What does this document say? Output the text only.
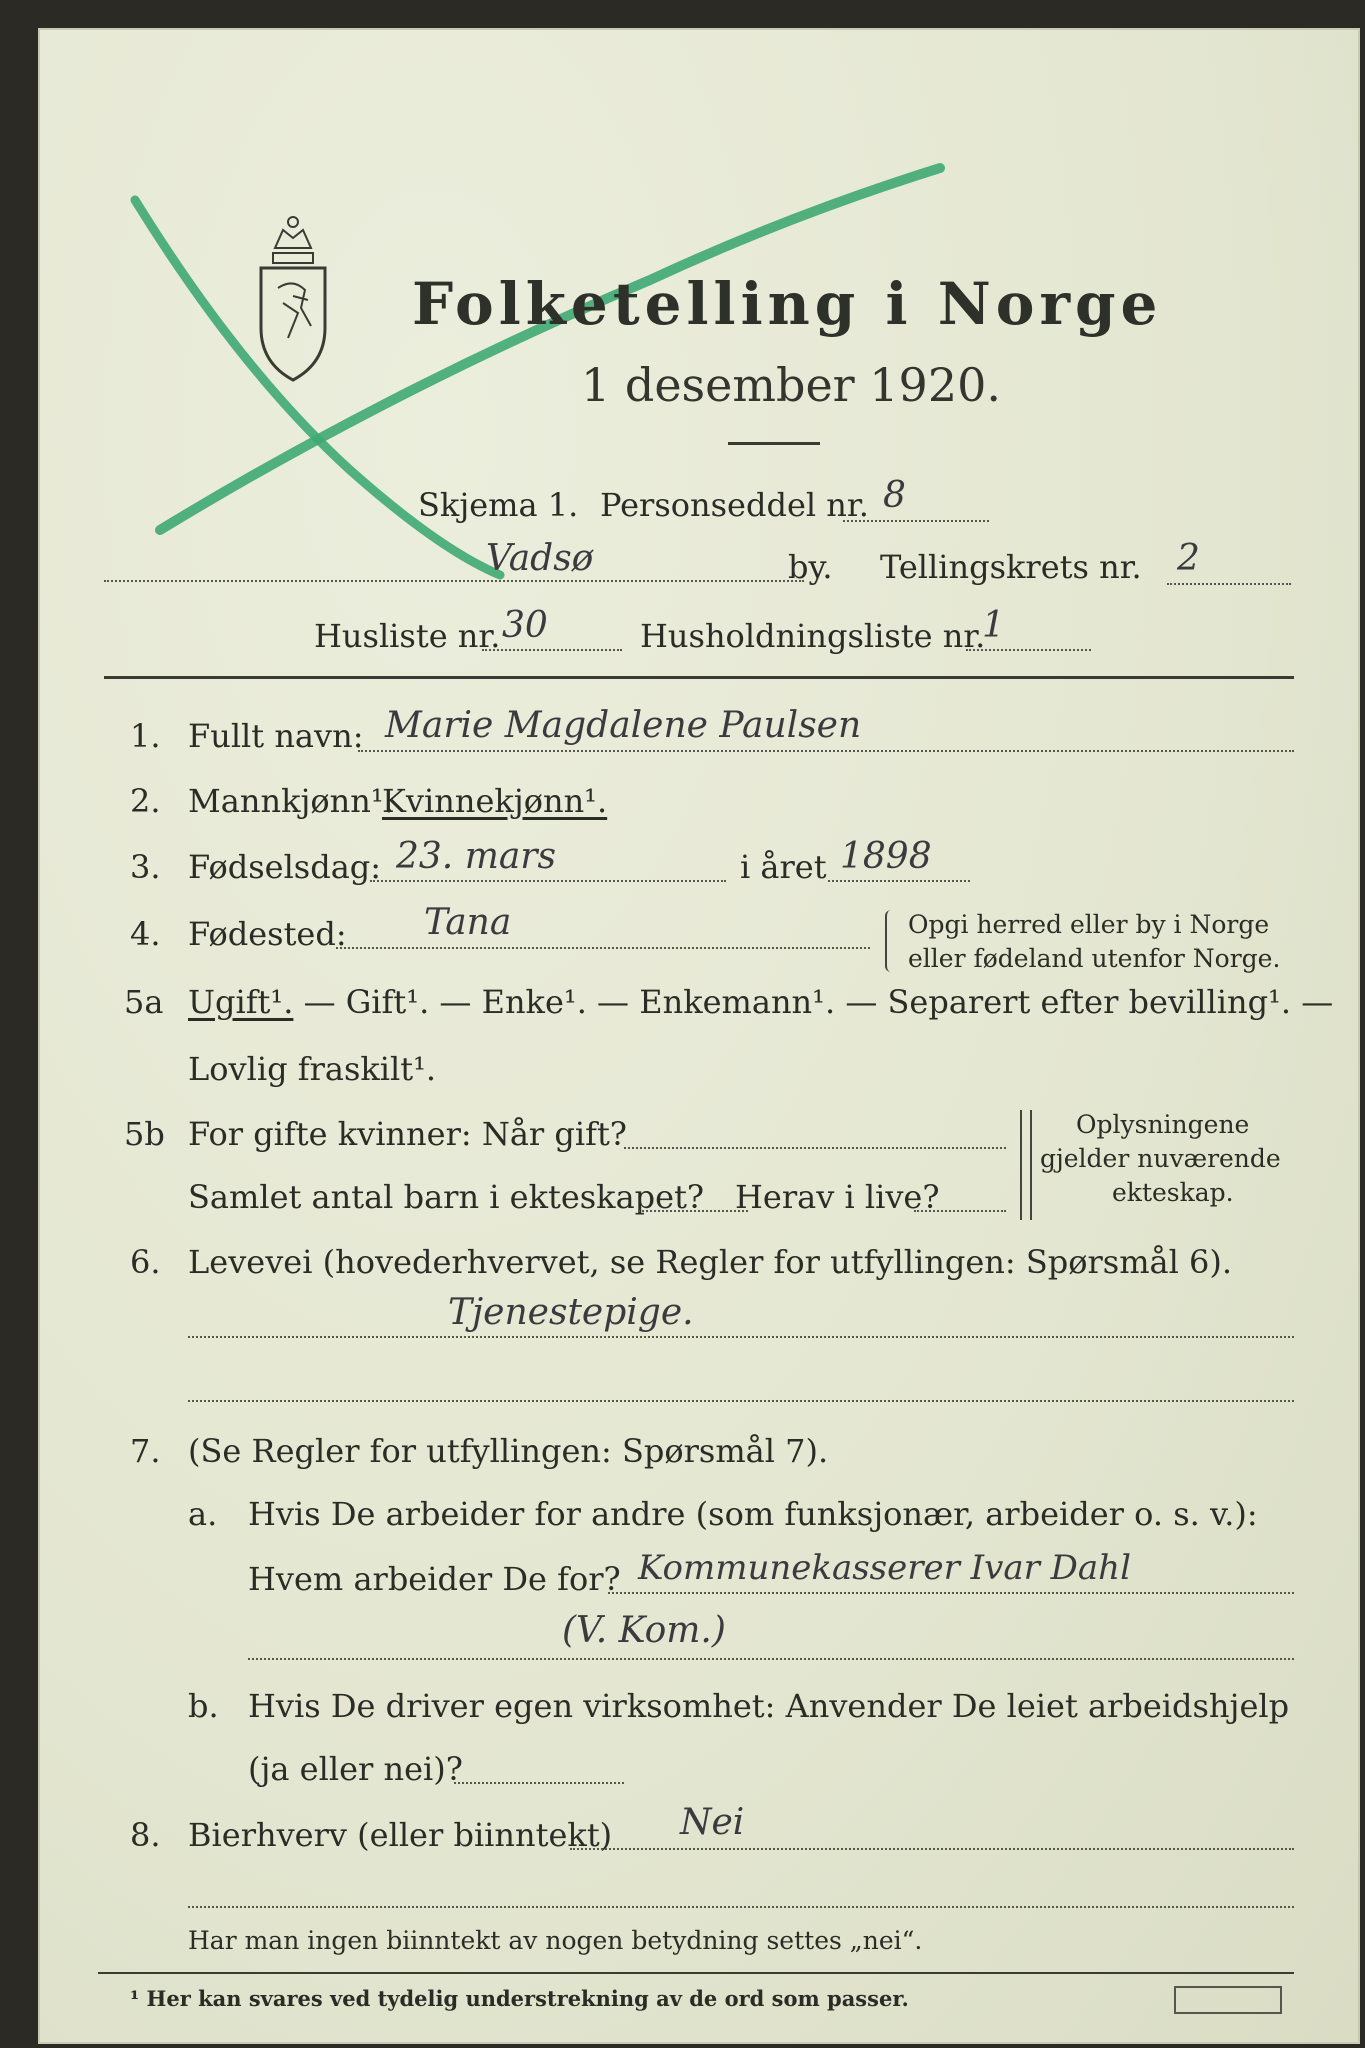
Folketelling i Norge
1 desember 1920.
Skjema 1. Personseddel nr. 8
Vadsø	by. Tellingskrets nr. 2
Husliste nr. 30	Husholdningsliste nr.
1
1. Fullt navn: Marie Magdalene Paulsen
2. Mannkjønn¹.
Kvinnekjønn¹.
3. Fødselsdag: 23. mars	i året 1898
4. Fødested: Tana	Opgi herred eller by i Norge
eller fødeland utenfor Norge.
5a Ugift¹. — Gift¹. — Enke¹. — Enkemann¹. — Separert efter bevilling¹. —
Lovlig fraskilt¹.
5b For gifte kvinner: Når gift?
Samlet antal barn i ekteskapet? Herav i live?
Oplysningene
gjelder nuværende
ekteskap.
6. Levevei (hovederhvervet, se Regler for utfyllingen: Spørsmål 6).
Tjenestepige.
7. (Se Regler for utfyllingen: Spørsmål 7).
a. Hvis De arbeider for andre (som funksjonær, arbeider o. s. v.):
Hvem arbeider De for? Kommunekasserer Ivar Dahl
(V. Kom.)
b. Hvis De driver egen virksomhet: Anvender De leiet arbeidshjelp
(ja eller nei)?
8. Bierhverv (eller biinntekt) Nei
Har man ingen biinntekt av nogen betydning settes „nei“.
¹ Her kan svares ved tydelig understrekning av de ord som passer.
